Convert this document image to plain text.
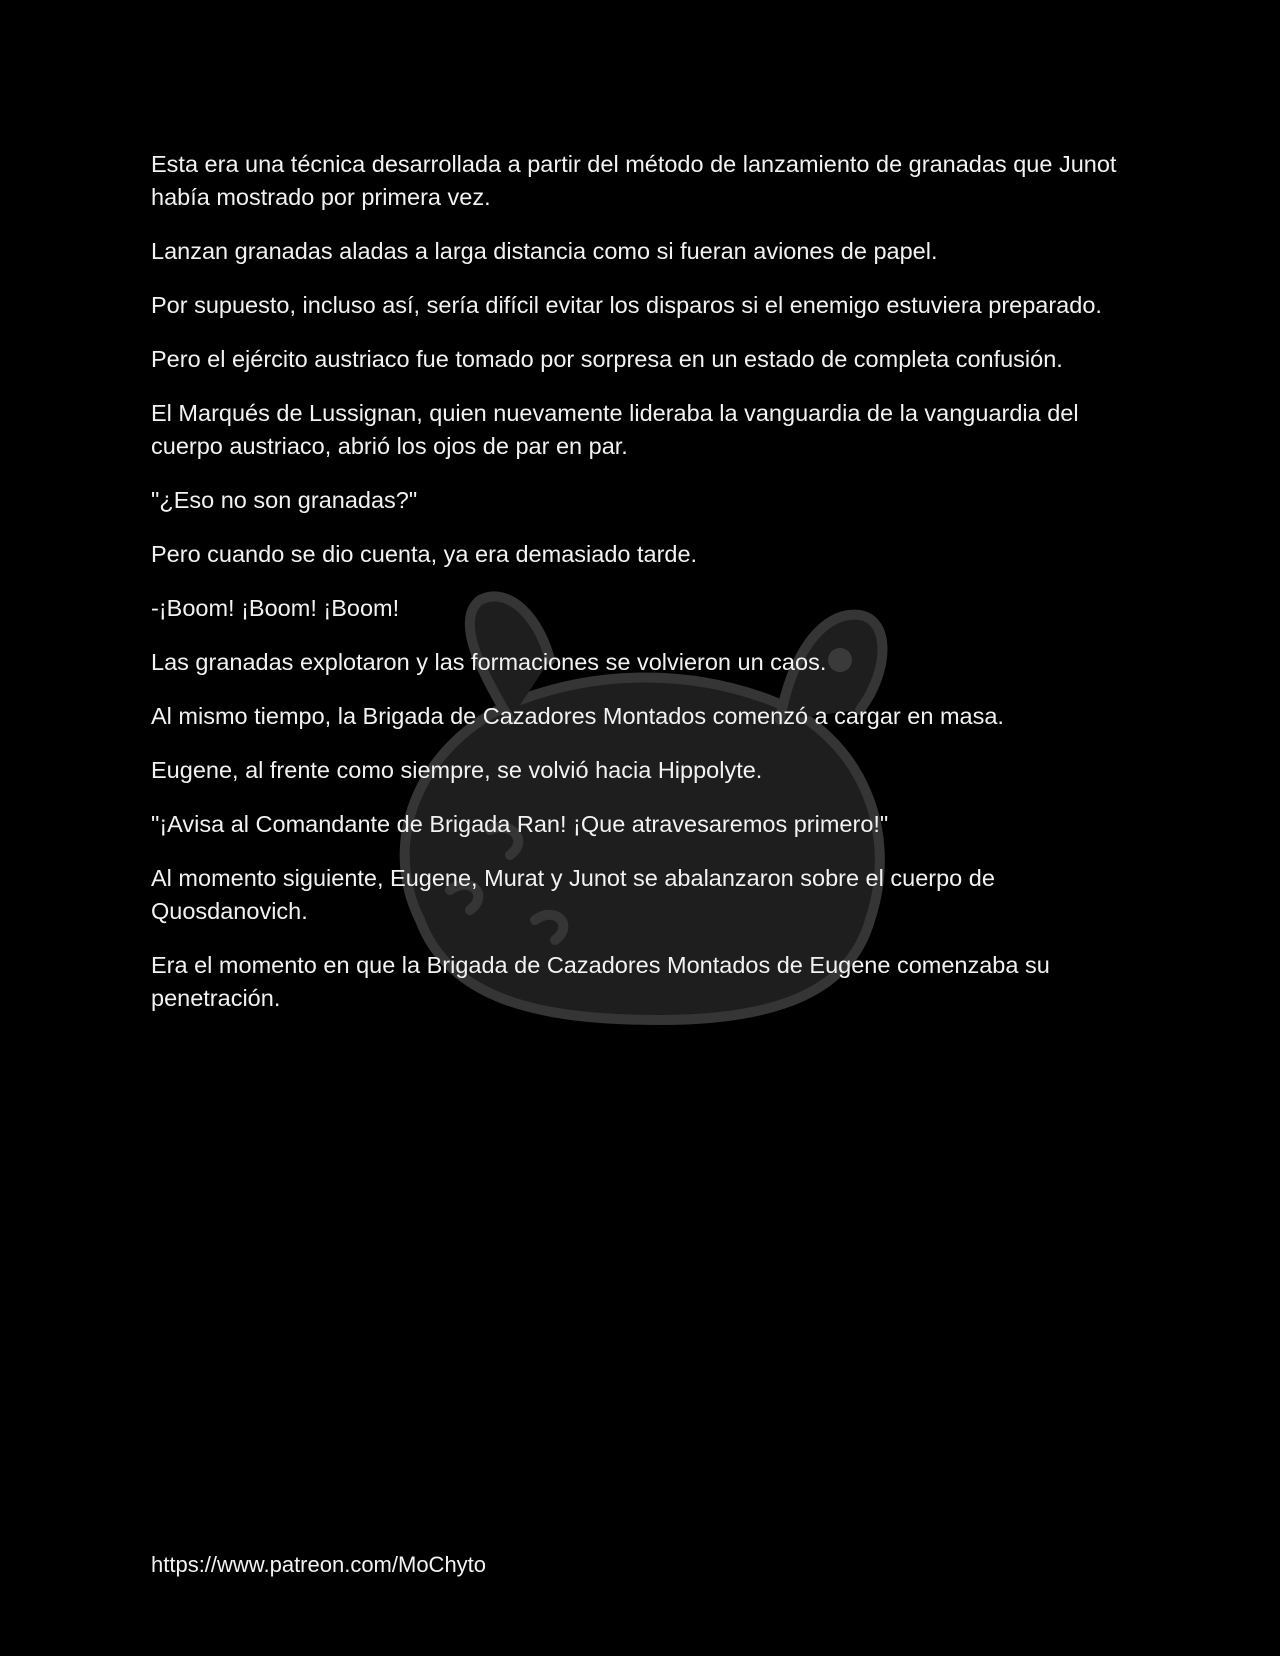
Esta era una técnica desarrollada a partir del método de lanzamiento de granadas que Junot había mostrado por primera vez.

Lanzan granadas aladas a larga distancia como si fueran aviones de papel.

Por supuesto, incluso así, sería difícil evitar los disparos si el enemigo estuviera preparado.

Pero el ejército austriaco fue tomado por sorpresa en un estado de completa confusión.

El Marqués de Lussignan, quien nuevamente lideraba la vanguardia de la vanguardia del cuerpo austriaco, abrió los ojos de par en par.

"¿Eso no son granadas?"

Pero cuando se dio cuenta, ya era demasiado tarde.

-¡Boom! ¡Boom! ¡Boom!

Las granadas explotaron y las formaciones se volvieron un caos.

Al mismo tiempo, la Brigada de Cazadores Montados comenzó a cargar en masa.

Eugene, al frente como siempre, se volvió hacia Hippolyte.

"¡Avisa al Comandante de Brigada Ran! ¡Que atravesaremos primero!"

Al momento siguiente, Eugene, Murat y Junot se abalanzaron sobre el cuerpo de Quosdanovich.

Era el momento en que la Brigada de Cazadores Montados de Eugene comenzaba su penetración.

https://www.patreon.com/MoChyto
